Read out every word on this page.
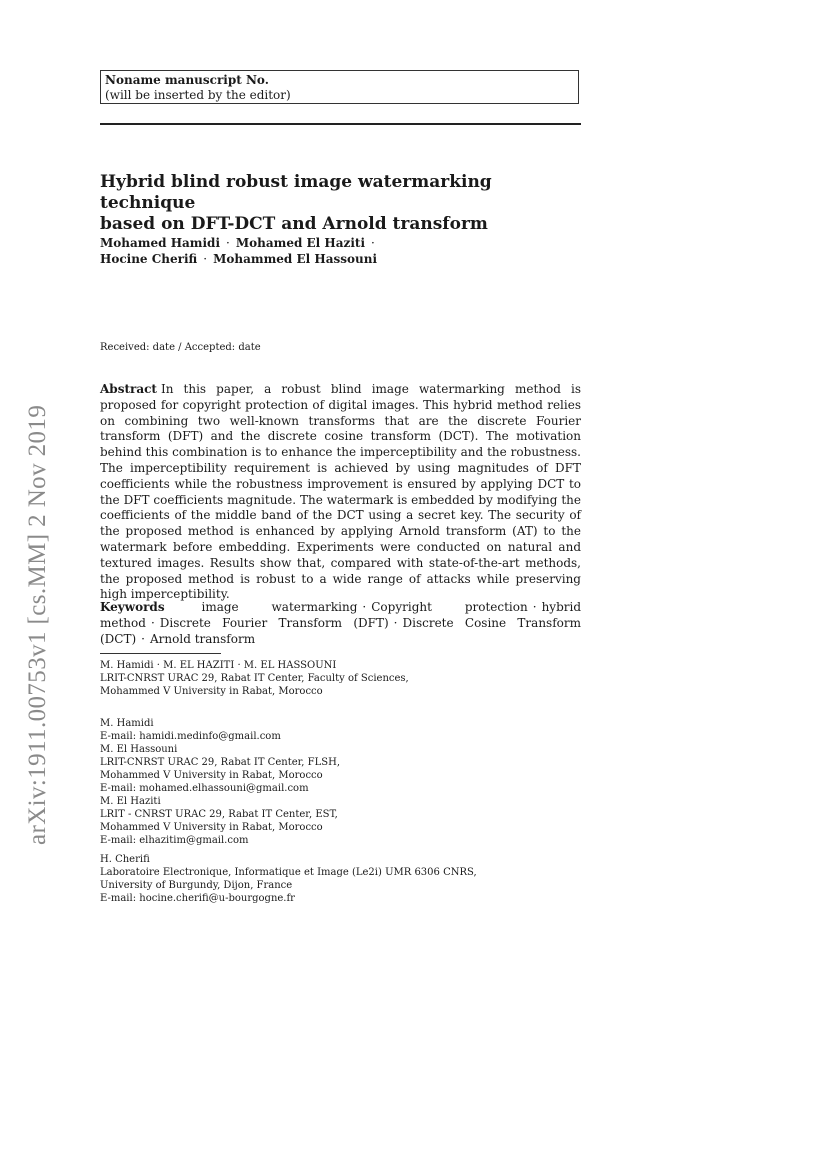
Noname manuscript No.
(will be inserted by the editor)
Hybrid blind robust image watermarking technique
based on DFT-DCT and Arnold transform
Mohamed Hamidi · Mohamed El Haziti ·
Hocine Cherifi · Mohammed El Hassouni
Received: date / Accepted: date
Abstract In this paper, a robust blind image watermarking method is proposed for copyright protection of digital images. This hybrid method relies on combining two well-known transforms that are the discrete Fourier transform (DFT) and the discrete cosine transform (DCT). The motivation behind this combination is to enhance the imperceptibility and the robustness. The imperceptibility requirement is achieved by using magnitudes of DFT coefficients while the robustness improvement is ensured by applying DCT to the DFT coefficients magnitude. The watermark is embedded by modifying the coefficients of the middle band of the DCT using a secret key. The security of the proposed method is enhanced by applying Arnold transform (AT) to the watermark before embedding. Experiments were conducted on natural and textured images. Results show that, compared with state-of-the-art methods, the proposed method is robust to a wide range of attacks while preserving high imperceptibility.
Keywords	image watermarking · Copyright protection · hybrid method · Discrete Fourier Transform (DFT) · Discrete Cosine Transform (DCT) · Arnold transform
M. Hamidi · M. EL HAZITI · M. EL HASSOUNI
LRIT-CNRST URAC 29, Rabat IT Center, Faculty of Sciences,
Mohammed V University in Rabat, Morocco
M. Hamidi
E-mail: hamidi.medinfo@gmail.com
M. El Hassouni
LRIT-CNRST URAC 29, Rabat IT Center, FLSH,
Mohammed V University in Rabat, Morocco
E-mail: mohamed.elhassouni@gmail.com
M. El Haziti
LRIT - CNRST URAC 29, Rabat IT Center, EST,
Mohammed V University in Rabat, Morocco
E-mail: elhazitim@gmail.com
H. Cherifi
Laboratoire Electronique, Informatique et Image (Le2i) UMR 6306 CNRS,
University of Burgundy, Dijon, France
E-mail: hocine.cherifi@u-bourgogne.fr
arXiv:1911.00753v1 [cs.MM] 2 Nov 2019
